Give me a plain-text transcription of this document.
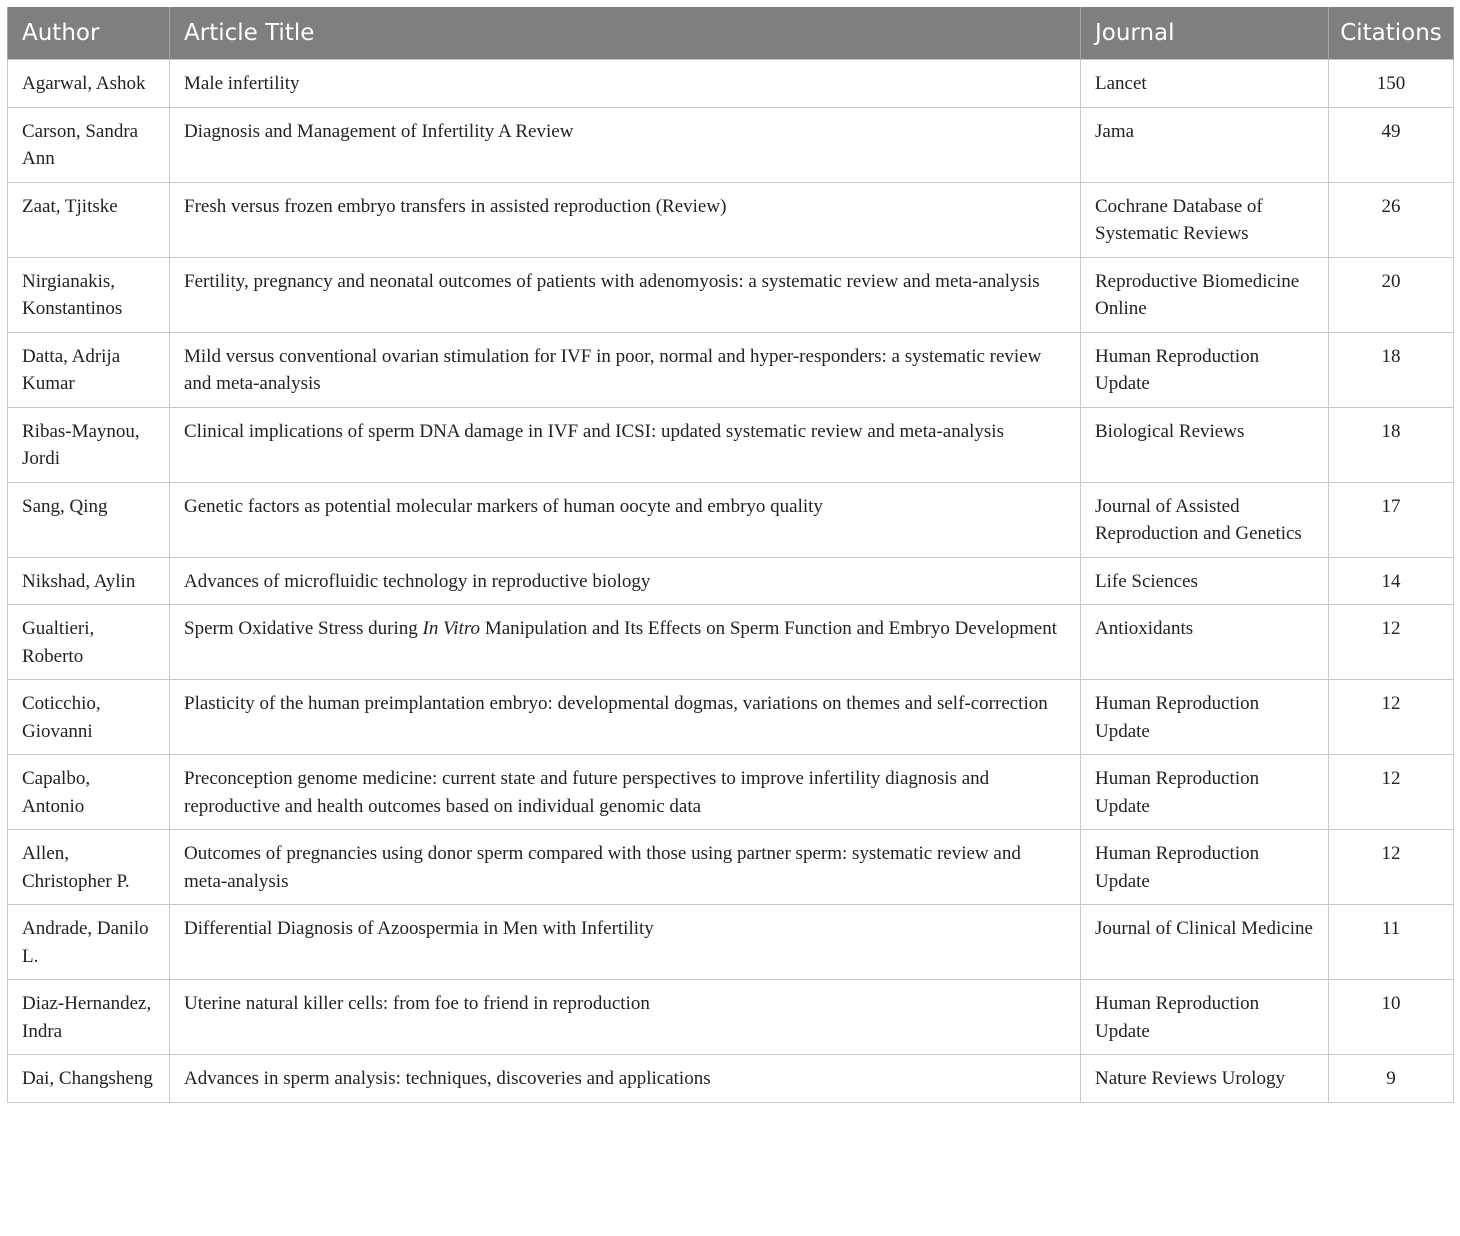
Author	Article Title	Journal	Citations
Agarwal, Ashok	Male infertility	Lancet	150
Carson, Sandra Ann	Diagnosis and Management of Infertility A Review	Jama	49
Zaat, Tjitske	Fresh versus frozen embryo transfers in assisted reproduction (Review)	Cochrane Database of Systematic Reviews	26
Nirgianakis, Konstantinos	Fertility, pregnancy and neonatal outcomes of patients with adenomyosis: a systematic review and meta-analysis	Reproductive Biomedicine Online	20
Datta, Adrija Kumar	Mild versus conventional ovarian stimulation for IVF in poor, normal and hyper-responders: a systematic review and meta-analysis	Human Reproduction Update	18
Ribas-Maynou, Jordi	Clinical implications of sperm DNA damage in IVF and ICSI: updated systematic review and meta-analysis	Biological Reviews	18
Sang, Qing	Genetic factors as potential molecular markers of human oocyte and embryo quality	Journal of Assisted Reproduction and Genetics	17
Nikshad, Aylin	Advances of microfluidic technology in reproductive biology	Life Sciences	14
Gualtieri, Roberto	Sperm Oxidative Stress during In Vitro Manipulation and Its Effects on Sperm Function and Embryo Development	Antioxidants	12
Coticchio, Giovanni	Plasticity of the human preimplantation embryo: developmental dogmas, variations on themes and self-correction	Human Reproduction Update	12
Capalbo, Antonio	Preconception genome medicine: current state and future perspectives to improve infertility diagnosis and reproductive and health outcomes based on individual genomic data	Human Reproduction Update	12
Allen, Christopher P.	Outcomes of pregnancies using donor sperm compared with those using partner sperm: systematic review and meta-analysis	Human Reproduction Update	12
Andrade, Danilo L.	Differential Diagnosis of Azoospermia in Men with Infertility	Journal of Clinical Medicine	11
Diaz-Hernandez, Indra	Uterine natural killer cells: from foe to friend in reproduction	Human Reproduction Update	10
Dai, Changsheng	Advances in sperm analysis: techniques, discoveries and applications	Nature Reviews Urology	9
